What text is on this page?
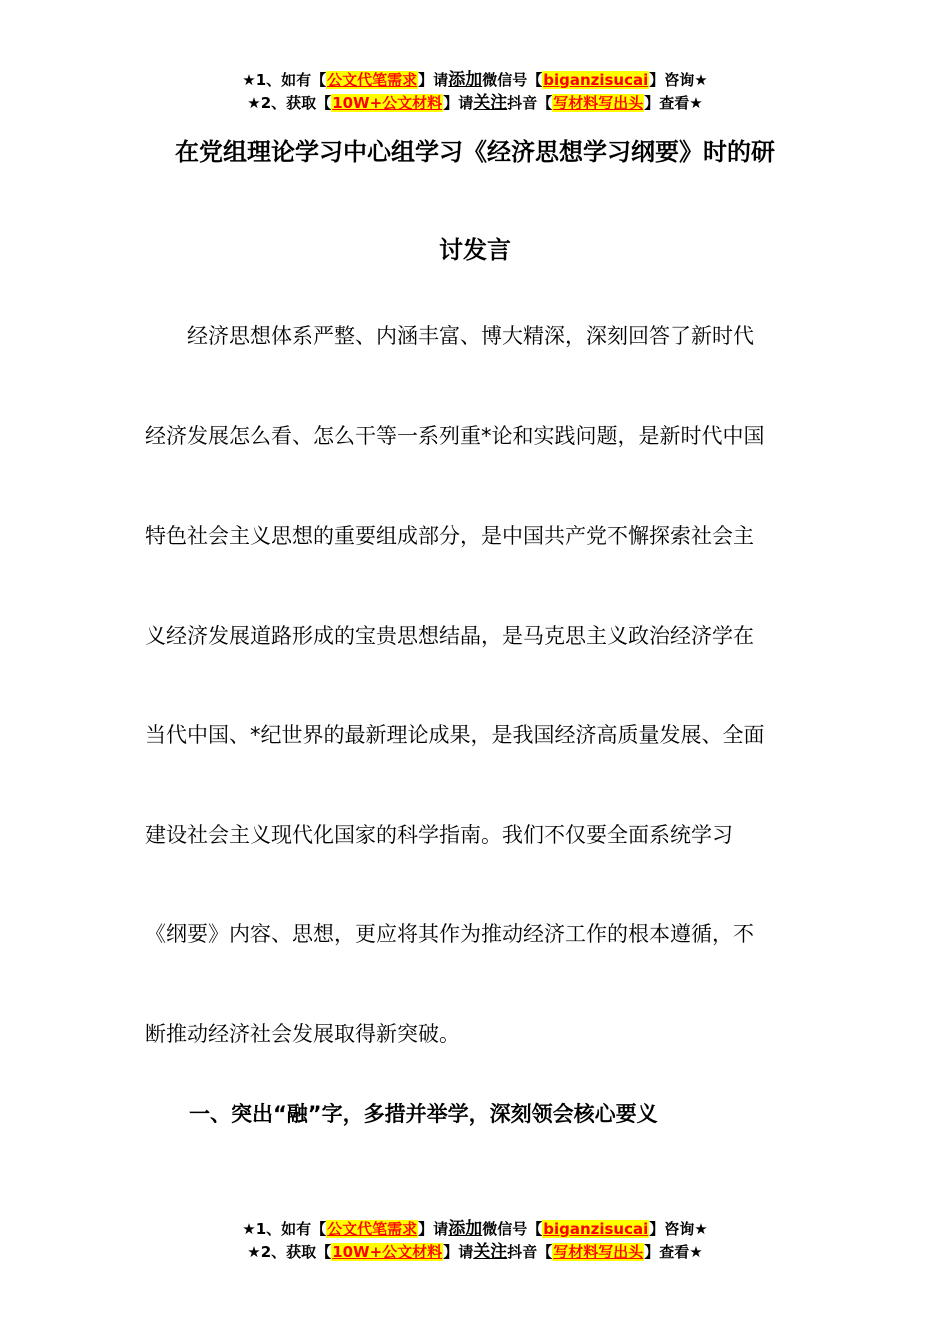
★1、如有【公文代笔需求】请添加微信号【biganzisucai】咨询★
★2、获取【10W+公文材料】请关注抖音【写材料写出头】查看★
在党组理论学习中心组学习《经济思想学习纲要》时的研
讨发言
　　经济思想体系严整、内涵丰富、博大精深，深刻回答了新时代
经济发展怎么看、怎么干等一系列重*论和实践问题，是新时代中国
特色社会主义思想的重要组成部分，是中国共产党不懈探索社会主
义经济发展道路形成的宝贵思想结晶，是马克思主义政治经济学在
当代中国、*纪世界的最新理论成果，是我国经济高质量发展、全面
建设社会主义现代化国家的科学指南。我们不仅要全面系统学习
《纲要》内容、思想，更应将其作为推动经济工作的根本遵循，不
断推动经济社会发展取得新突破。
一、突出“融”字，多措并举学，深刻领会核心要义
★1、如有【公文代笔需求】请添加微信号【biganzisucai】咨询★
★2、获取【10W+公文材料】请关注抖音【写材料写出头】查看★
